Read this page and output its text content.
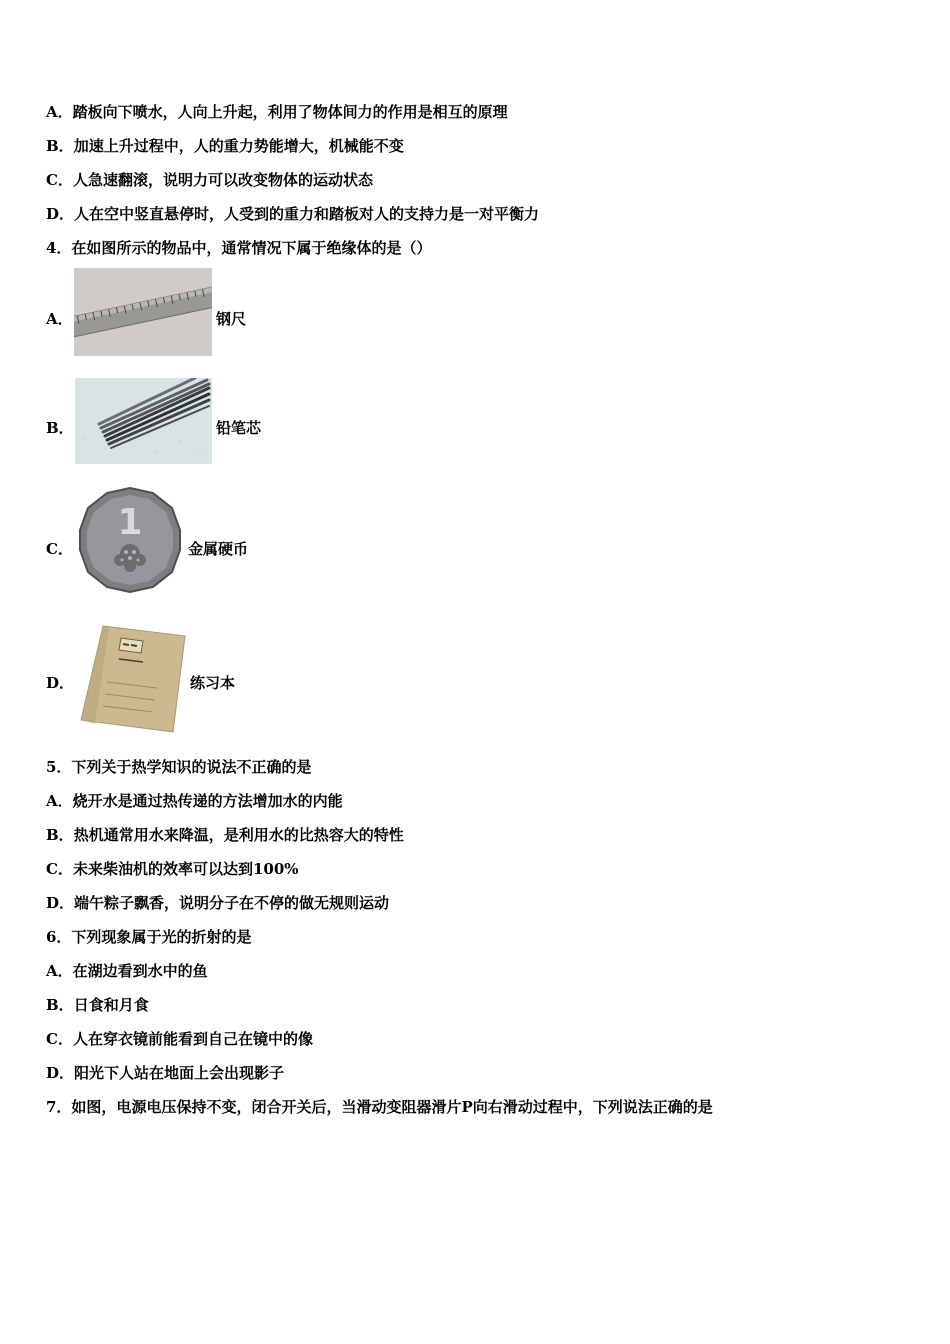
A．踏板向下喷水，人向上升起，利用了物体间力的作用是相互的原理
B．加速上升过程中，人的重力势能增大，机械能不变
C．人急速翻滚，说明力可以改变物体的运动状态
D．人在空中竖直悬停时，人受到的重力和踏板对人的支持力是一对平衡力
4．在如图所示的物品中，通常情况下属于绝缘体的是（）
A．	钢尺
B．	铅笔芯
C．
1
金属硬币
D．	练习本
5．下列关于热学知识的说法不正确的是
A．烧开水是通过热传递的方法增加水的内能
B．热机通常用水来降温，是利用水的比热容大的特性
C．未来柴油机的效率可以达到100%
D．端午粽子飘香，说明分子在不停的做无规则运动
6．下列现象属于光的折射的是
A．在湖边看到水中的鱼
B．日食和月食
C．人在穿衣镜前能看到自己在镜中的像
D．阳光下人站在地面上会出现影子
7．如图，电源电压保持不变，闭合开关后，当滑动变阻器滑片P向右滑动过程中，下列说法正确的是
